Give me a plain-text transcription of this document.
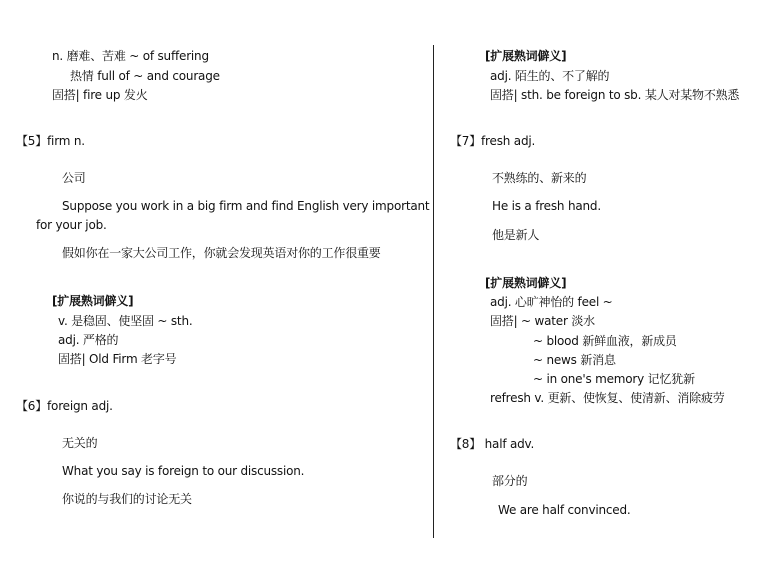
n. 磨难、苦难 ~ of suffering
热情 full of ~ and courage
固搭| fire up 发火
【5】firm n.
公司
Suppose you work in a big firm and find English very important
for your job.
假如你在一家大公司工作，你就会发现英语对你的工作很重要
[扩展熟词僻义]
v. 是稳固、使坚固 ~ sth.
adj. 严格的
固搭| Old Firm 老字号
【6】foreign adj.
无关的
What you say is foreign to our discussion.
你说的与我们的讨论无关
[扩展熟词僻义]
adj. 陌生的、不了解的
固搭| sth. be foreign to sb. 某人对某物不熟悉
【7】fresh adj.
不熟练的、新来的
He is a fresh hand.
他是新人
[扩展熟词僻义]
adj. 心旷神怡的 feel ~
固搭| ~ water 淡水
~ blood 新鲜血液，新成员
~ news 新消息
~ in one's memory 记忆犹新
refresh v. 更新、使恢复、使清新、消除疲劳
【8】 half adv.
部分的
We are half convinced.
